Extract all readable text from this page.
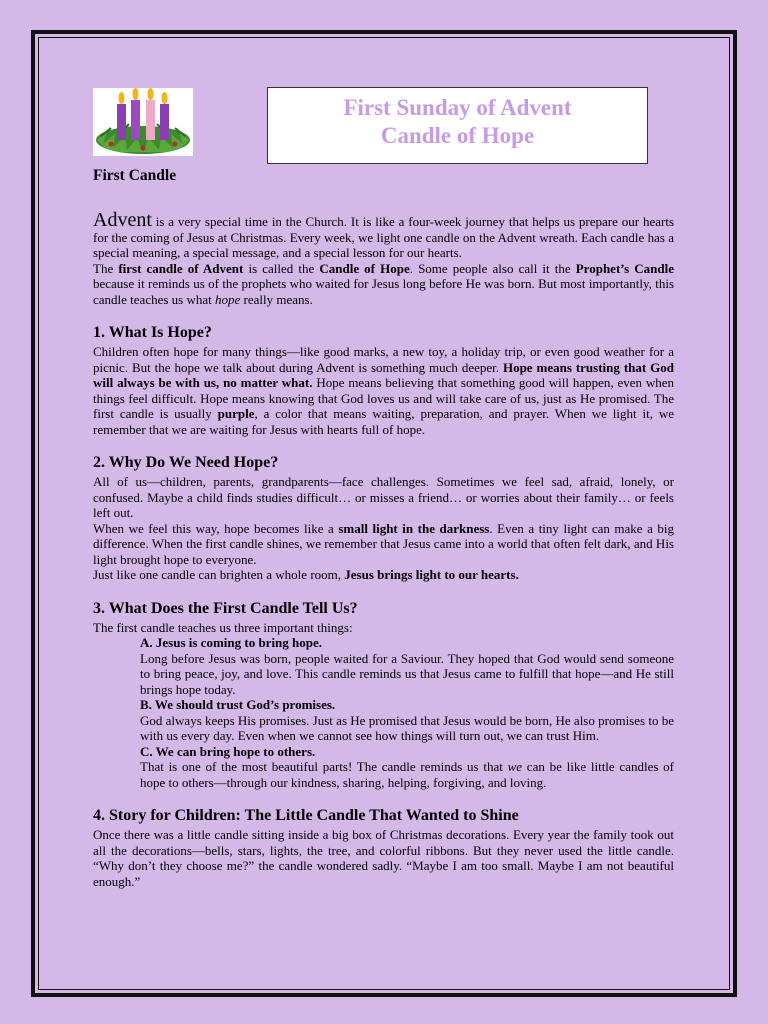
First Sunday of Advent
Candle of Hope
First Candle

Advent is a very special time in the Church. It is like a four-week journey that helps us prepare our hearts for the coming of Jesus at Christmas. Every week, we light one candle on the Advent wreath. Each candle has a special meaning, a special message, and a special lesson for our hearts.

The first candle of Advent is called the Candle of Hope. Some people also call it the Prophet’s Candle because it reminds us of the prophets who waited for Jesus long before He was born. But most importantly, this candle teaches us what hope really means.

1. What Is Hope?

Children often hope for many things—like good marks, a new toy, a holiday trip, or even good weather for a picnic. But the hope we talk about during Advent is something much deeper. Hope means trusting that God will always be with us, no matter what. Hope means believing that something good will happen, even when things feel difficult. Hope means knowing that God loves us and will take care of us, just as He promised. The first candle is usually purple, a color that means waiting, preparation, and prayer. When we light it, we remember that we are waiting for Jesus with hearts full of hope.

2. Why Do We Need Hope?

All of us—children, parents, grandparents—face challenges. Sometimes we feel sad, afraid, lonely, or confused. Maybe a child finds studies difficult… or misses a friend… or worries about their family… or feels left out.

When we feel this way, hope becomes like a small light in the darkness. Even a tiny light can make a big difference. When the first candle shines, we remember that Jesus came into a world that often felt dark, and His light brought hope to everyone.

Just like one candle can brighten a whole room, Jesus brings light to our hearts.

3. What Does the First Candle Tell Us?

The first candle teaches us three important things:

A. Jesus is coming to bring hope.

Long before Jesus was born, people waited for a Saviour. They hoped that God would send someone to bring peace, joy, and love. This candle reminds us that Jesus came to fulfill that hope—and He still brings hope today.

B. We should trust God’s promises.

God always keeps His promises. Just as He promised that Jesus would be born, He also promises to be with us every day. Even when we cannot see how things will turn out, we can trust Him.

C. We can bring hope to others.

That is one of the most beautiful parts! The candle reminds us that we can be like little candles of hope to others—through our kindness, sharing, helping, forgiving, and loving.

4. Story for Children: The Little Candle That Wanted to Shine

Once there was a little candle sitting inside a big box of Christmas decorations. Every year the family took out all the decorations—bells, stars, lights, the tree, and colorful ribbons. But they never used the little candle.

“Why don’t they choose me?” the candle wondered sadly. “Maybe I am too small. Maybe I am not beautiful enough.”
